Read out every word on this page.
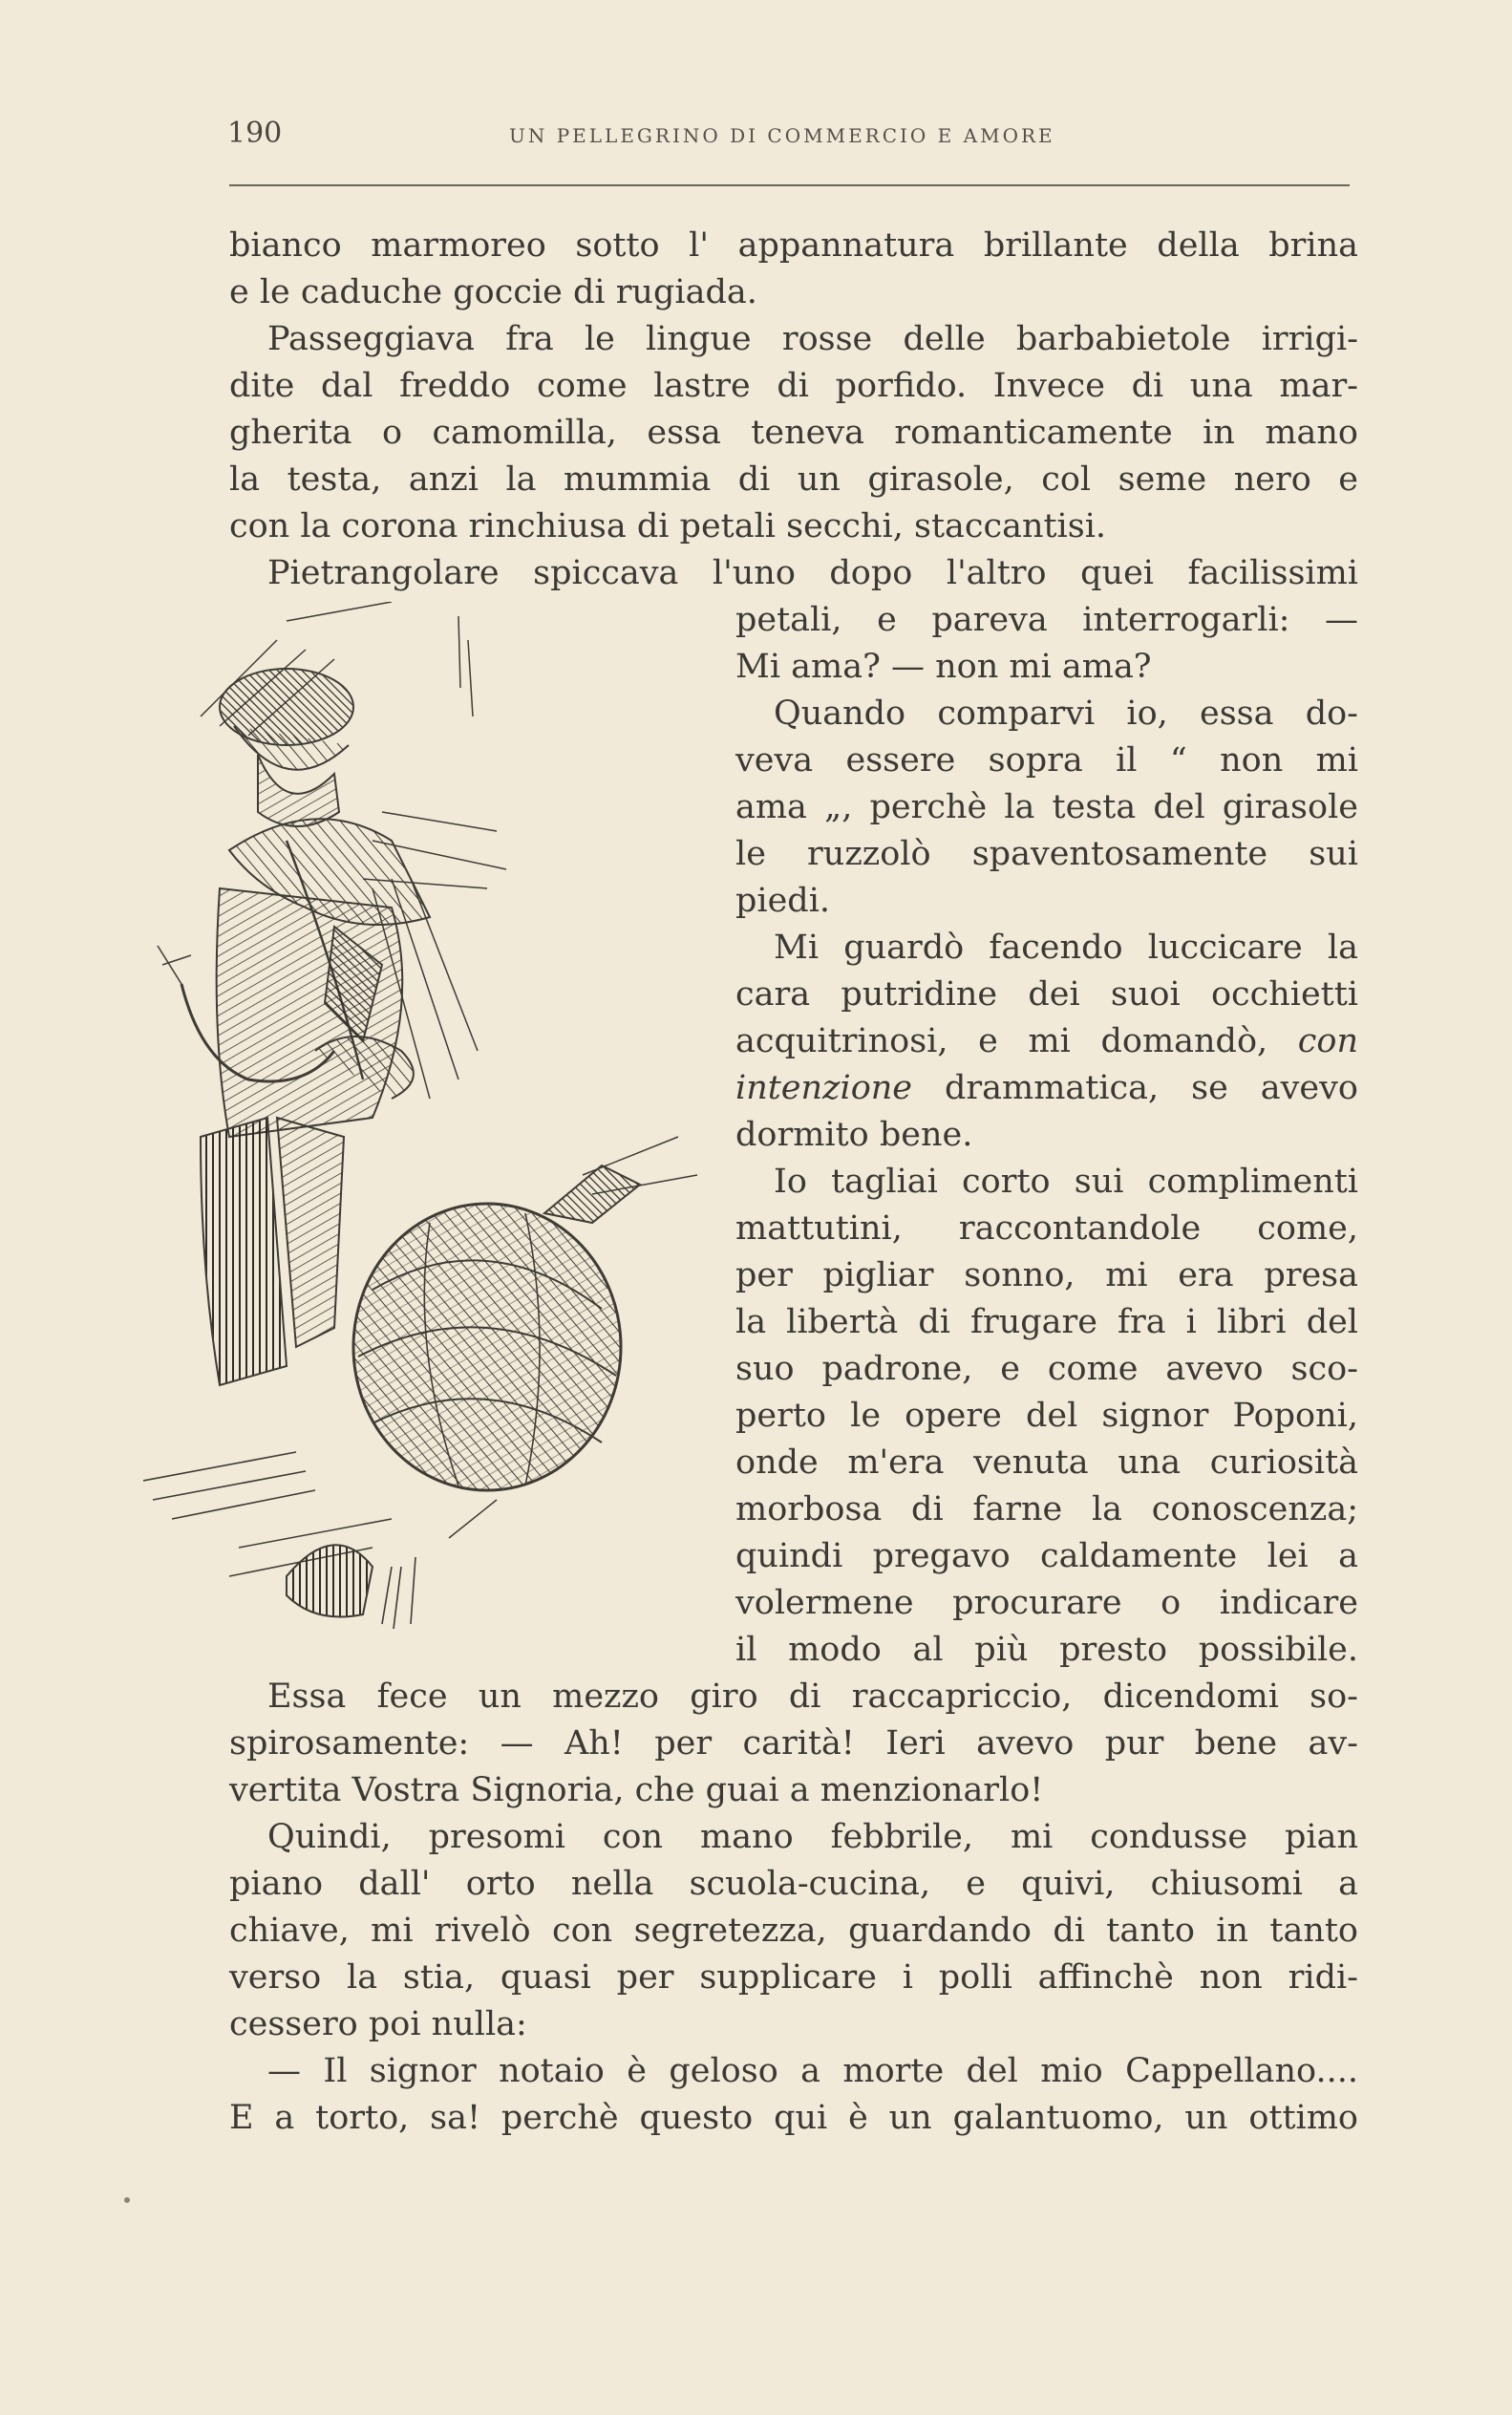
190	UN PELLEGRINO DI COMMERCIO E AMORE
bianco marmoreo sotto l' appannatura brillante della brina
e le caduche goccie di rugiada.
Passeggiava fra le lingue rosse delle barbabietole irrigi-
dite dal freddo come lastre di porfido. Invece di una mar-
gherita o camomilla, essa teneva romanticamente in mano
la testa, anzi la mummia di un girasole, col seme nero e
con la corona rinchiusa di petali secchi, staccantisi.
Pietrangolare spiccava l'uno dopo l'altro quei facilissimi
petali, e pareva interrogarli: —
Mi ama? — non mi ama?
Quando comparvi io, essa do-
veva essere sopra il “ non mi
ama „, perchè la testa del girasole
le ruzzolò spaventosamente sui
piedi.
Mi guardò facendo luccicare la
cara putridine dei suoi occhietti
acquitrinosi, e mi domandò, con
intenzione drammatica, se avevo
dormito bene.
Io tagliai corto sui complimenti
mattutini, raccontandole come,
per pigliar sonno, mi era presa
la libertà di frugare fra i libri del
suo padrone, e come avevo sco-
perto le opere del signor Poponi,
onde m'era venuta una curiosità
morbosa di farne la conoscenza;
quindi pregavo caldamente lei a
volermene procurare o indicare
il modo al più presto possibile.
Essa fece un mezzo giro di raccapriccio, dicendomi so-
spirosamente: — Ah! per carità! Ieri avevo pur bene av-
vertita Vostra Signoria, che guai a menzionarlo!
Quindi, presomi con mano febbrile, mi condusse pian
piano dall' orto nella scuola-cucina, e quivi, chiusomi a
chiave, mi rivelò con segretezza, guardando di tanto in tanto
verso la stia, quasi per supplicare i polli affinchè non ridi-
cessero poi nulla:
— Il signor notaio è geloso a morte del mio Cappellano....
E a torto, sa! perchè questo qui è un galantuomo, un ottimo
